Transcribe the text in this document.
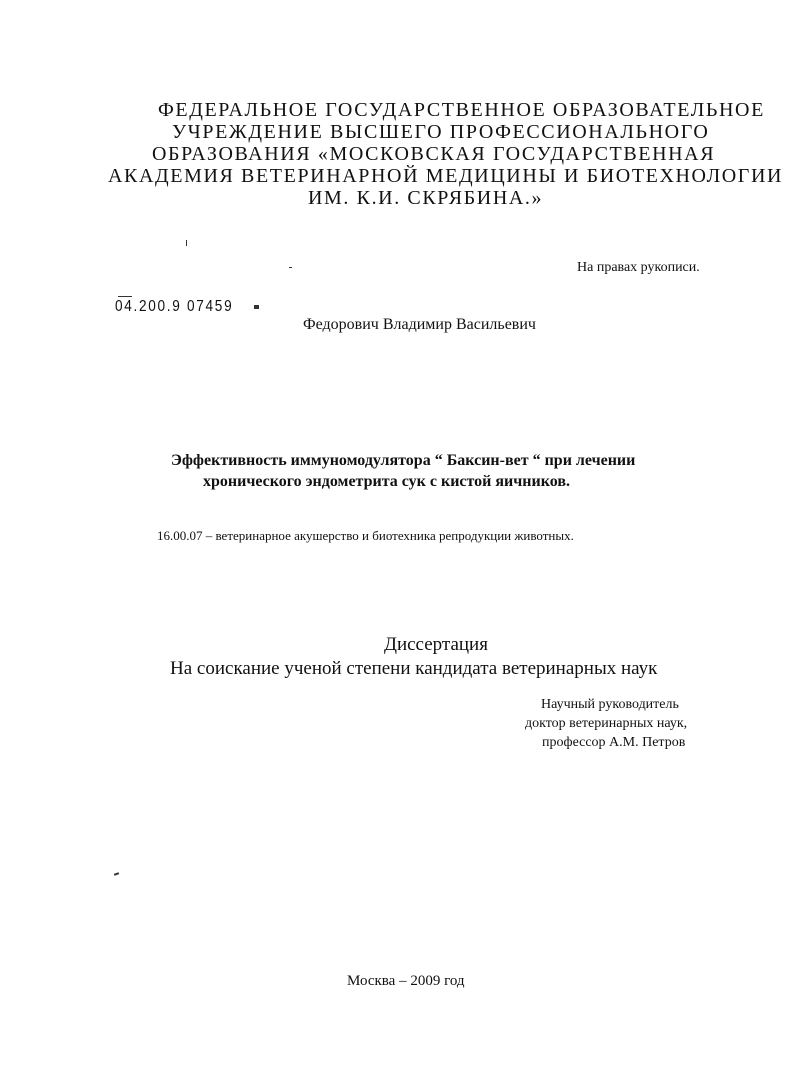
ФЕДЕРАЛЬНОЕ ГОСУДАРСТВЕННОЕ ОБРАЗОВАТЕЛЬНОЕ
УЧРЕЖДЕНИЕ ВЫСШЕГО ПРОФЕССИОНАЛЬНОГО
ОБРАЗОВАНИЯ «МОСКОВСКАЯ ГОСУДАРСТВЕННАЯ
АКАДЕМИЯ ВЕТЕРИНАРНОЙ МЕДИЦИНЫ И БИОТЕХНОЛОГИИ
ИМ. К.И. СКРЯБИНА.»
На правах рукописи.
04.200.9 07459
Федорович Владимир Васильевич
Эффективность иммуномодулятора “ Баксин-вет “ при лечении
хронического эндометрита сук с кистой яичников.
16.00.07 – ветеринарное акушерство и биотехника репродукции животных.
Диссертация
На соискание ученой степени кандидата ветеринарных наук
Научный руководитель
доктор ветеринарных наук,
профессор А.М. Петров
Москва – 2009 год
